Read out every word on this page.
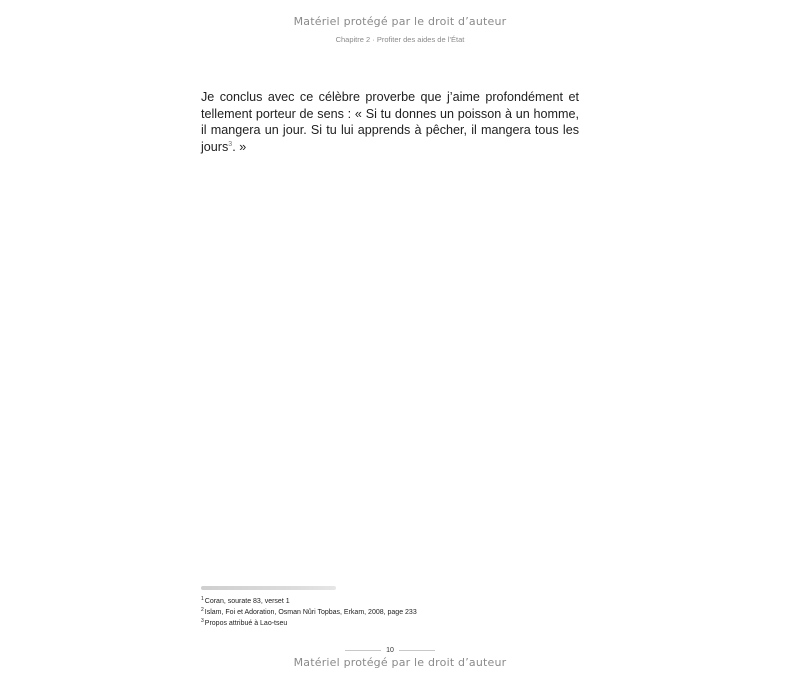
Matériel protégé par le droit d’auteur
Chapitre 2 · Profiter des aides de l’État

Je conclus avec ce célèbre proverbe que j’aime profondément et tellement porteur de sens : « Si tu donnes un poisson à un homme, il mangera un jour. Si tu lui apprends à pêcher, il mangera tous les jours$^3$. »

$^1$Coran, sourate 83, verset 1
$^2$Islam, Foi et Adoration, Osman Nûri Topbas, Erkam, 2008, page 233
$^3$Propos attribué à Lao-tseu
10
Matériel protégé par le droit d’auteur
